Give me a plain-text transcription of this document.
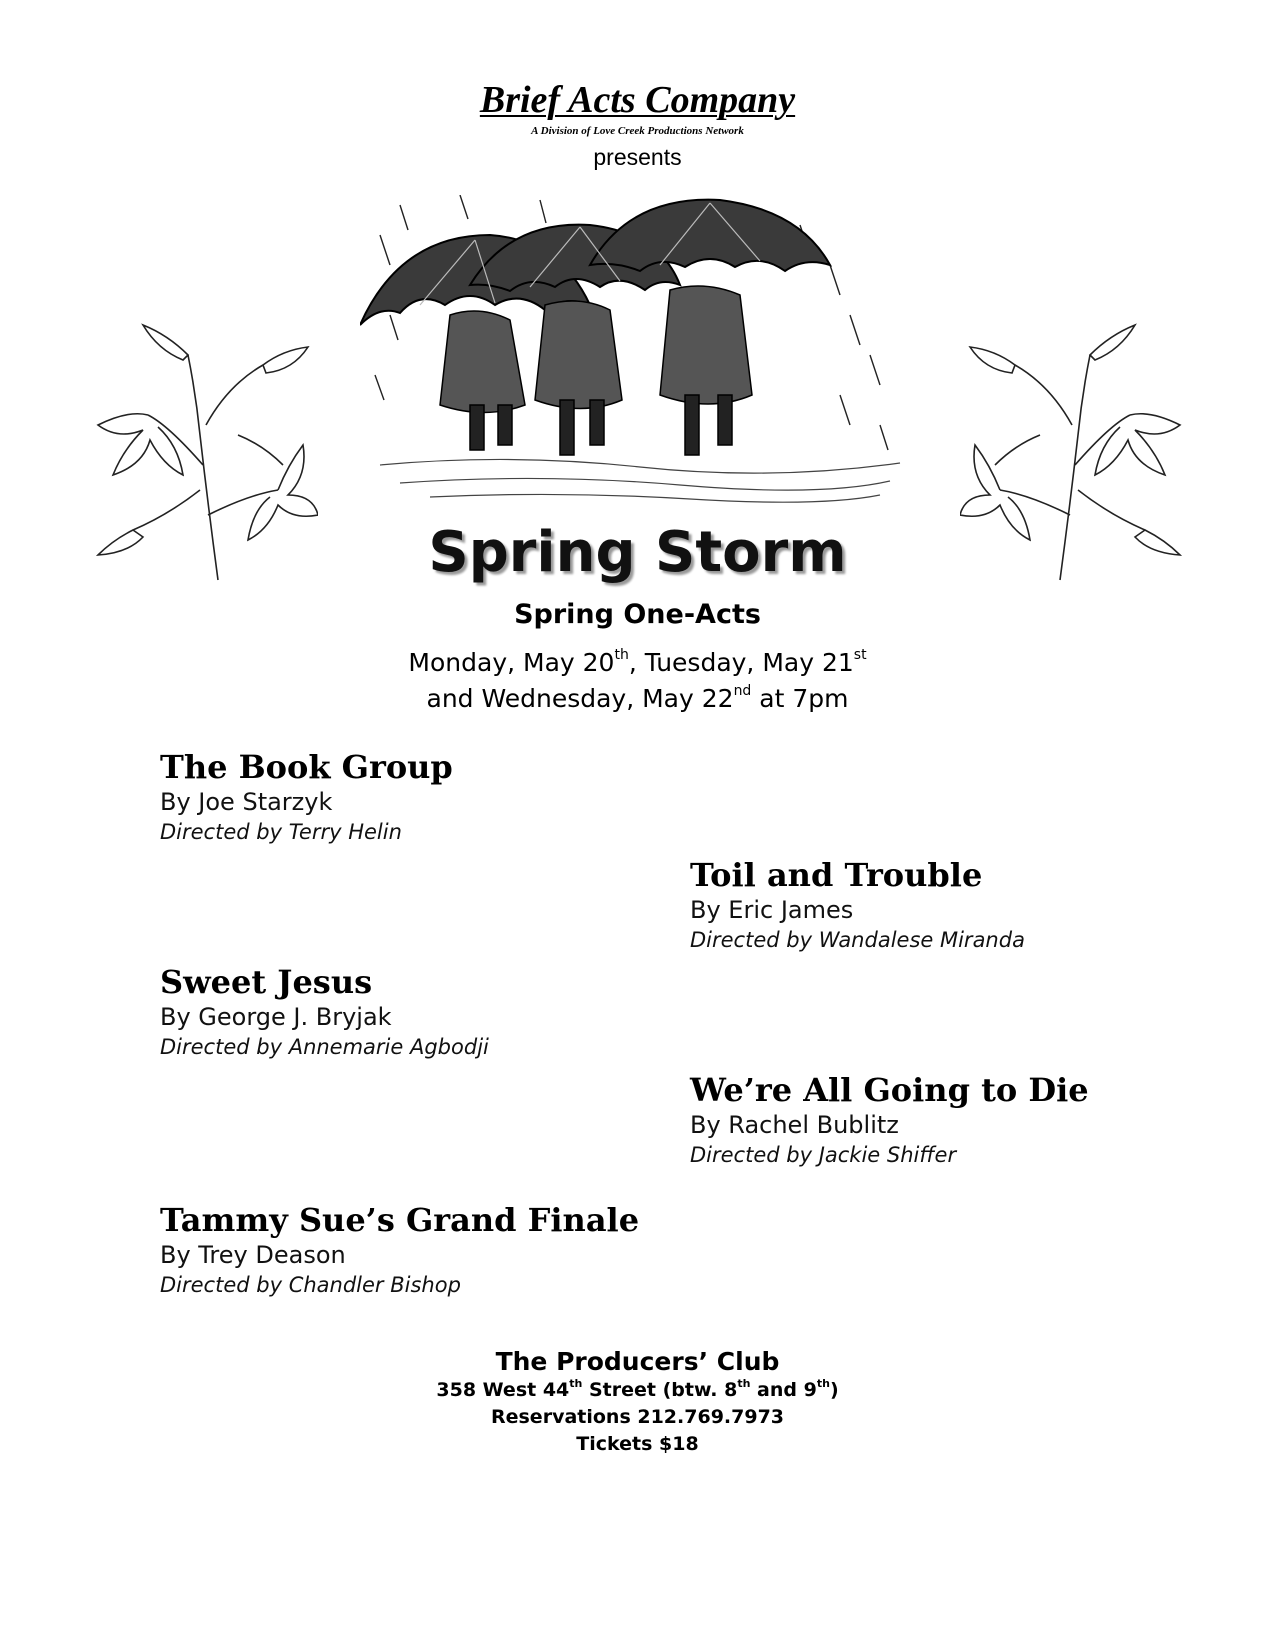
Brief Acts Company
A Division of Love Creek Productions Network
presents
Spring Storm
Spring One-Acts
Monday, May 20th, Tuesday, May 21st
and Wednesday, May 22nd at 7pm
The Book Group
By Joe Starzyk
Directed by Terry Helin
Toil and Trouble
By Eric James
Directed by Wandalese Miranda
Sweet Jesus
By George J. Bryjak
Directed by Annemarie Agbodji
We’re All Going to Die
By Rachel Bublitz
Directed by Jackie Shiffer
Tammy Sue’s Grand Finale
By Trey Deason
Directed by Chandler Bishop
The Producers’ Club
358 West 44th Street (btw. 8th and 9th)
Reservations 212.769.7973
Tickets $18
